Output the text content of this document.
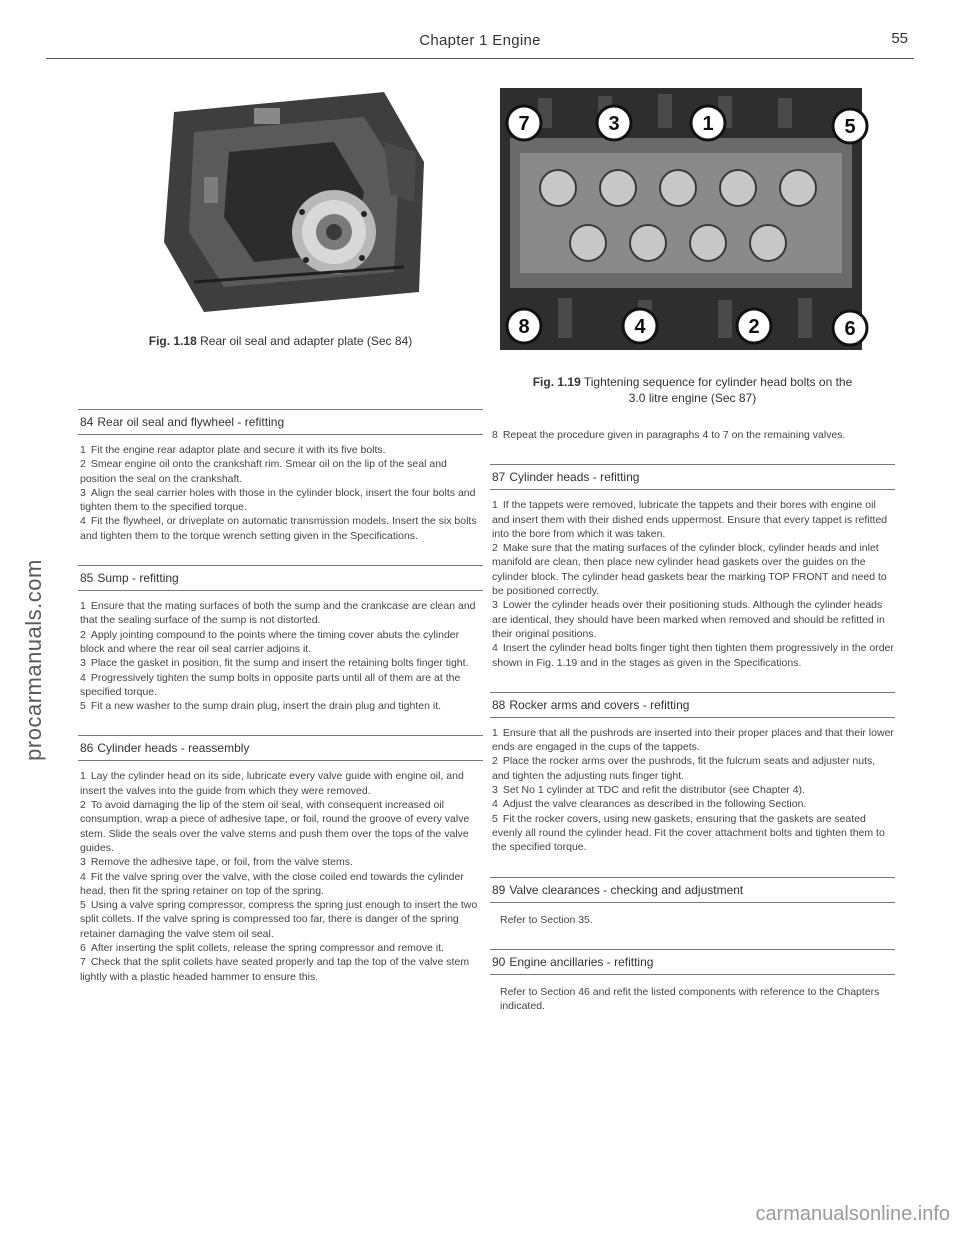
procarmanuals.com
carmanualsonline.info
Chapter 1 Engine	55

Fig. 1.18 Rear oil seal and adapter plate (Sec 84)

84 Rear oil seal and flywheel - refitting

1 Fit the engine rear adaptor plate and secure it with its five bolts.

2 Smear engine oil onto the crankshaft rim. Smear oil on the lip of the seal and position the seal on the crankshaft.

3 Align the seal carrier holes with those in the cylinder block, insert the four bolts and tighten them to the specified torque.

4 Fit the flywheel, or driveplate on automatic transmission models. Insert the six bolts and tighten them to the torque wrench setting given in the Specifications.

85 Sump - refitting

1 Ensure that the mating surfaces of both the sump and the crankcase are clean and that the sealing surface of the sump is not distorted.

2 Apply jointing compound to the points where the timing cover abuts the cylinder block and where the rear oil seal carrier adjoins it.

3 Place the gasket in position, fit the sump and insert the retaining bolts finger tight.

4 Progressively tighten the sump bolts in opposite parts until all of them are at the specified torque.

5 Fit a new washer to the sump drain plug, insert the drain plug and tighten it.

86 Cylinder heads - reassembly

1 Lay the cylinder head on its side, lubricate every valve guide with engine oil, and insert the valves into the guide from which they were removed.

2 To avoid damaging the lip of the stem oil seal, with consequent increased oil consumption, wrap a piece of adhesive tape, or foil, round the groove of every valve stem. Slide the seals over the valve stems and push them over the tops of the valve guides.

3 Remove the adhesive tape, or foil, from the valve stems.

4 Fit the valve spring over the valve, with the close coiled end towards the cylinder head, then fit the spring retainer on top of the spring.

5 Using a valve spring compressor, compress the spring just enough to insert the two split collets. If the valve spring is compressed too far, there is danger of the spring retainer damaging the valve stem oil seal.

6 After inserting the split collets, release the spring compressor and remove it.

7 Check that the split collets have seated properly and tap the top of the valve stem lightly with a plastic headed hammer to ensure this.

7	3	1	5
8	4	2	6

Fig. 1.19 Tightening sequence for cylinder head bolts on the
3.0 litre engine (Sec 87)

8 Repeat the procedure given in paragraphs 4 to 7 on the remaining valves.

87 Cylinder heads - refitting

1 If the tappets were removed, lubricate the tappets and their bores with engine oil and insert them with their dished ends uppermost. Ensure that every tappet is refitted into the bore from which it was taken.

2 Make sure that the mating surfaces of the cylinder block, cylinder heads and inlet manifold are clean, then place new cylinder head gaskets over the guides on the cylinder block. The cylinder head gaskets bear the marking TOP FRONT and need to be positioned correctly.

3 Lower the cylinder heads over their positioning studs. Although the cylinder heads are identical, they should have been marked when removed and should be refitted in their original positions.

4 Insert the cylinder head bolts finger tight then tighten them progressively in the order shown in Fig. 1.19 and in the stages as given in the Specifications.

88 Rocker arms and covers - refitting

1 Ensure that all the pushrods are inserted into their proper places and that their lower ends are engaged in the cups of the tappets.

2 Place the rocker arms over the pushrods, fit the fulcrum seats and adjuster nuts, and tighten the adjusting nuts finger tight.

3 Set No 1 cylinder at TDC and refit the distributor (see Chapter 4).

4 Adjust the valve clearances as described in the following Section.

5 Fit the rocker covers, using new gaskets, ensuring that the gaskets are seated evenly all round the cylinder head. Fit the cover attachment bolts and tighten them to the specified torque.

89 Valve clearances - checking and adjustment

Refer to Section 35.

90 Engine ancillaries - refitting

Refer to Section 46 and refit the listed components with reference to the Chapters indicated.
